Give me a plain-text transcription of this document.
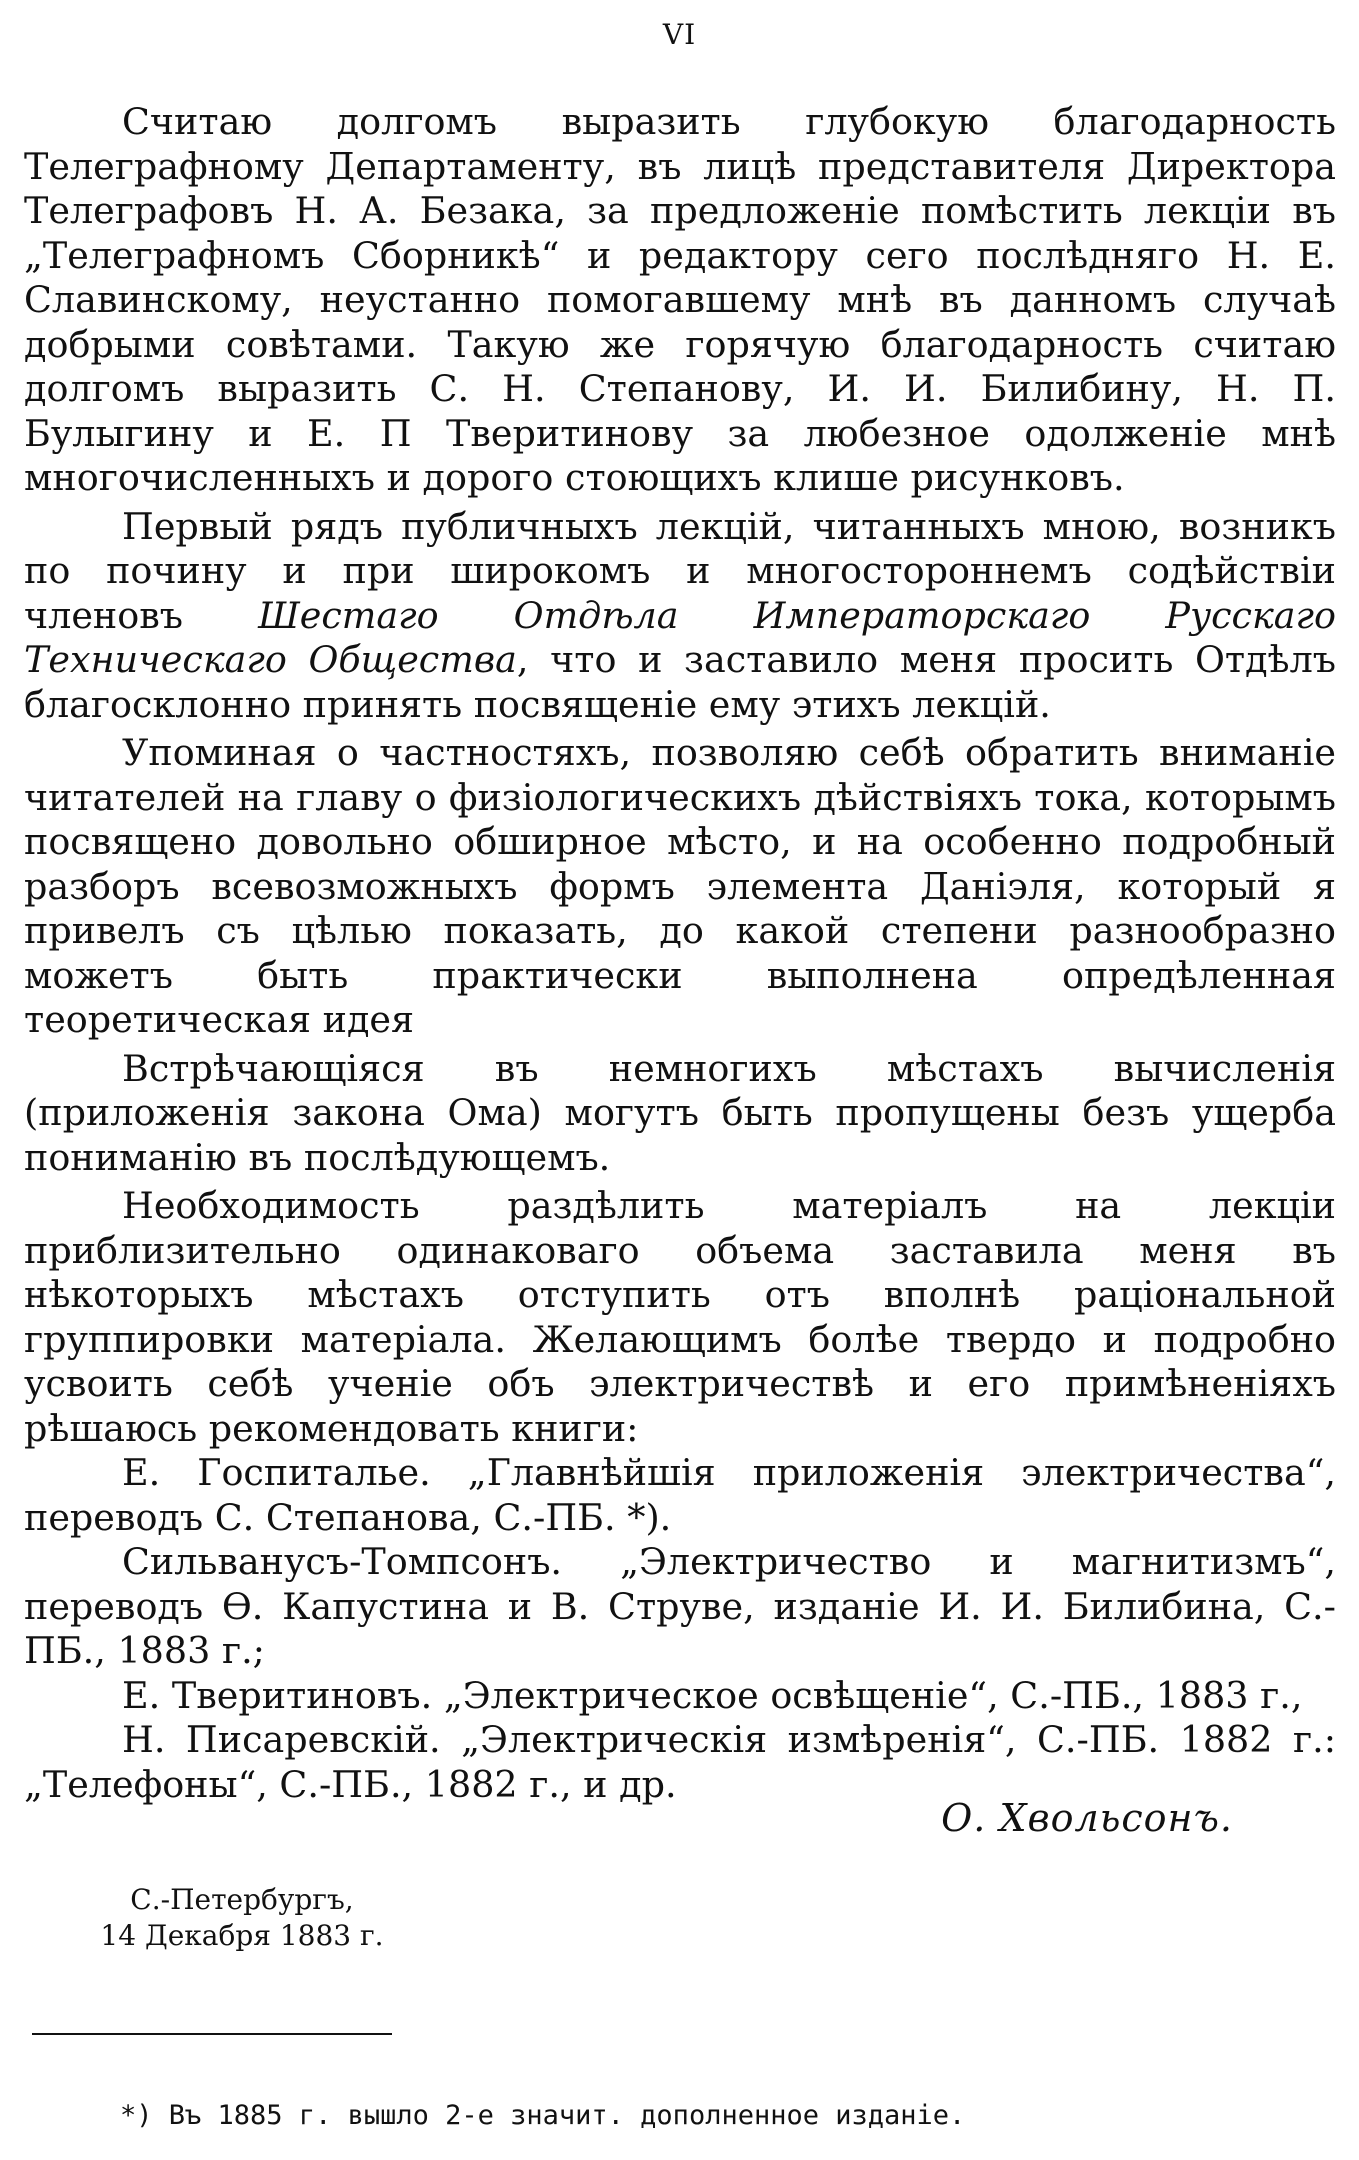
VI

Считаю долгомъ выразить глубокую благодарность Телеграфному Департаменту, въ лицѣ представителя Директора Телеграфовъ Н. А. Безака, за предложенiе помѣстить лекцiи въ „Телеграфномъ Сборникѣ“ и редактору сего послѣдняго Н. Е. Славинскому, неустанно помогавшему мнѣ въ данномъ случаѣ добрыми совѣтами. Такую же горячую благодарность считаю долгомъ выразить С. Н. Степанову, И. И. Билибину, Н. П. Булыгину и Е. П Тверитинову за любезное одолженiе мнѣ многочисленныхъ и дорого стоющихъ клише рисунковъ.

Первый рядъ публичныхъ лекцiй, читанныхъ мною, возникъ по почину и при широкомъ и многостороннемъ содѣйствiи членовъ Шестаго Отдѣла Императорскаго Русскаго Техническаго Общества, что и заставило меня просить Отдѣлъ благосклонно принять посвященiе ему этихъ лекцiй.

Упоминая о частностяхъ, позволяю себѣ обратить вниманiе читателей на главу о физiологическихъ дѣйствiяхъ тока, которымъ посвящено довольно обширное мѣсто, и на особенно подробный разборъ всевозможныхъ формъ элемента Данiэля, который я привелъ съ цѣлью показать, до какой степени разнообразно можетъ быть практически выполнена опредѣленная теоретическая идея

Встрѣчающiяся въ немногихъ мѣстахъ вычисленiя (приложенiя закона Ома) могутъ быть пропущены безъ ущерба пониманiю въ послѣдующемъ.

Необходимость раздѣлить матерiалъ на лекцiи приблизительно одинаковаго объема заставила меня въ нѣкоторыхъ мѣстахъ отступить отъ вполнѣ рацiональной группировки матерiала. Желающимъ болѣе твердо и подробно усвоить себѣ ученiе объ электричествѣ и его примѣненiяхъ рѣшаюсь рекомендовать книги:

Е. Госпиталье. „Главнѣйшiя приложенiя электричества“, переводъ С. Степанова, С.-ПБ. *).

Сильванусъ-Томпсонъ. „Электричество и магнитизмъ“, переводъ Ѳ. Капустина и В. Струве, изданiе И. И. Билибина, С.-ПБ., 1883 г.;

Е. Тверитиновъ. „Электрическое освѣщенiе“, С.-ПБ., 1883 г.,

Н. Писаревскiй. „Электрическiя измѣренiя“, С.-ПБ. 1882 г.: „Телефоны“, С.-ПБ., 1882 г., и др.

О. Хвольсонъ.
С.-Петербургъ,
14 Декабря 1883 г.
*) Въ 1885 г. вышло 2-е значит. дополненное изданiе.
